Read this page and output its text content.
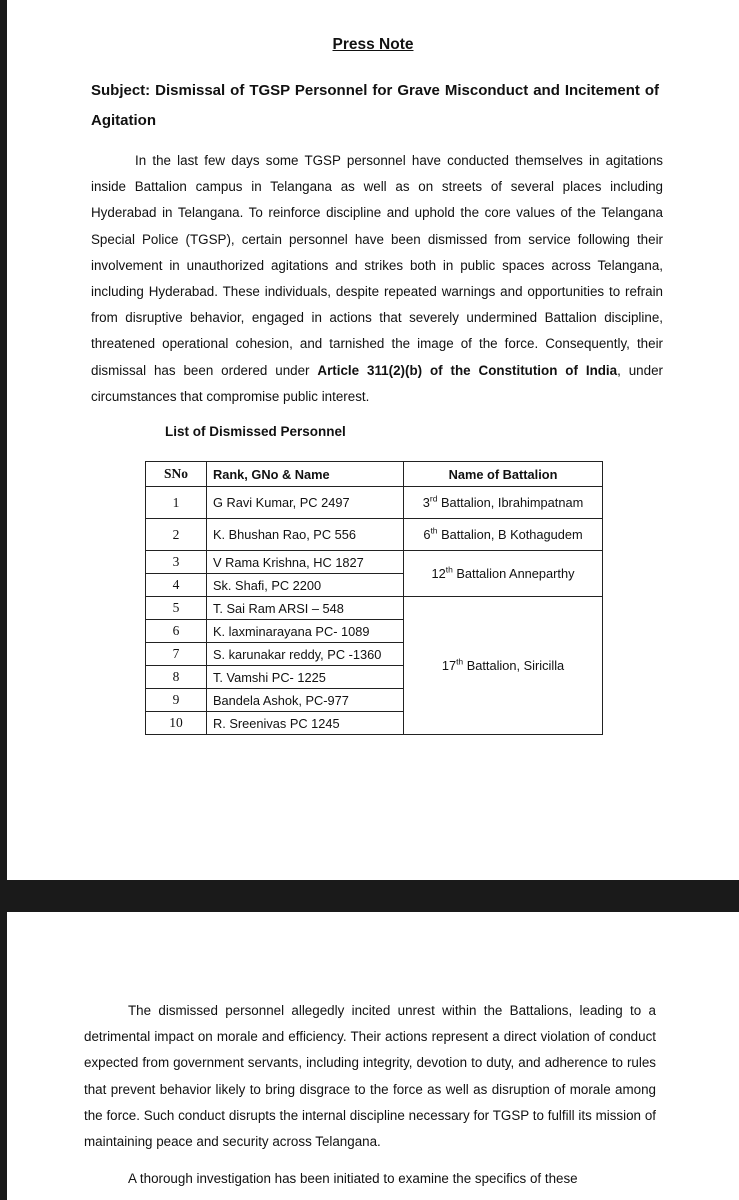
Press Note
Subject: Dismissal of TGSP Personnel for Grave Misconduct and Incitement of Agitation
In the last few days some TGSP personnel have conducted themselves in agitations inside Battalion campus in Telangana as well as on streets of several places including Hyderabad in Telangana. To reinforce discipline and uphold the core values of the Telangana Special Police (TGSP), certain personnel have been dismissed from service following their involvement in unauthorized agitations and strikes both in public spaces across Telangana, including Hyderabad. These individuals, despite repeated warnings and opportunities to refrain from disruptive behavior, engaged in actions that severely undermined Battalion discipline, threatened operational cohesion, and tarnished the image of the force. Consequently, their dismissal has been ordered under Article 311(2)(b) of the Constitution of India, under circumstances that compromise public interest.
List of Dismissed Personnel
SNo	Rank, GNo & Name	Name of Battalion
1	G Ravi Kumar, PC 2497	3rd Battalion, Ibrahimpatnam
2	K. Bhushan Rao, PC 556	6th Battalion, B Kothagudem
3	V Rama Krishna, HC 1827	12th Battalion Anneparthy
4	Sk. Shafi, PC 2200	
5	T. Sai Ram ARSI – 548	17th Battalion, Siricilla
6	K. laxminarayana PC- 1089	
7	S. karunakar reddy, PC -1360	
8	T. Vamshi PC- 1225	
9	Bandela Ashok, PC-977	
10	R. Sreenivas PC 1245	
The dismissed personnel allegedly incited unrest within the Battalions, leading to a detrimental impact on morale and efficiency. Their actions represent a direct violation of conduct expected from government servants, including integrity, devotion to duty, and adherence to rules that prevent behavior likely to bring disgrace to the force as well as disruption of morale among the force. Such conduct disrupts the internal discipline necessary for TGSP to fulfill its mission of maintaining peace and security across Telangana.
A thorough investigation has been initiated to examine the specifics of these
